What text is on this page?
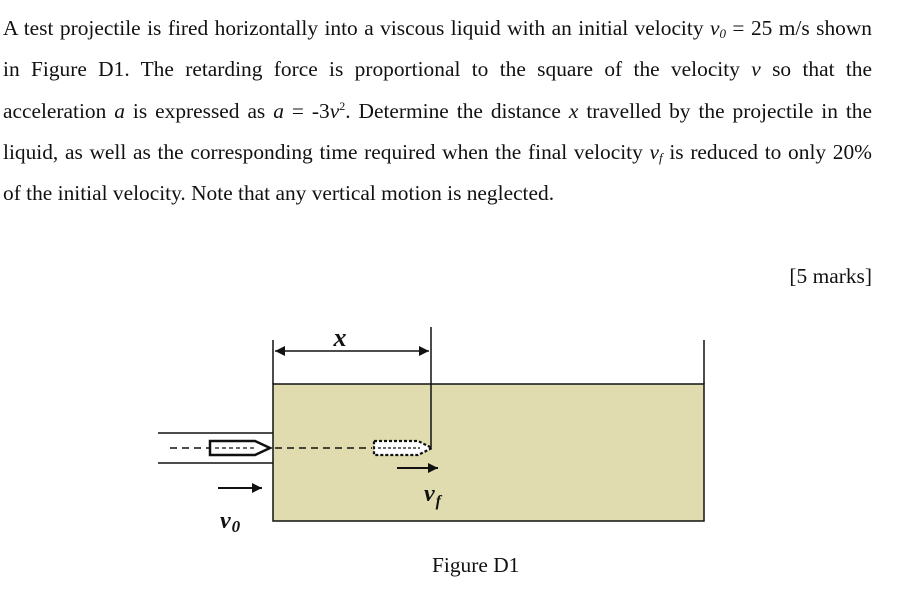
A test projectile is fired horizontally into a viscous liquid with an initial velocity $v_0 = 25$ m/s shown in Figure D1. The retarding force is proportional to the square of the velocity v so that the acceleration a is expressed as $a = -3v^2$. Determine the distance x travelled by the projectile in the liquid, as well as the corresponding time required when the final velocity $v_f$ is reduced to only 20% of the initial velocity. Note that any vertical motion is neglected.
[5 marks]
x
$v_f$
v0
Figure D1
